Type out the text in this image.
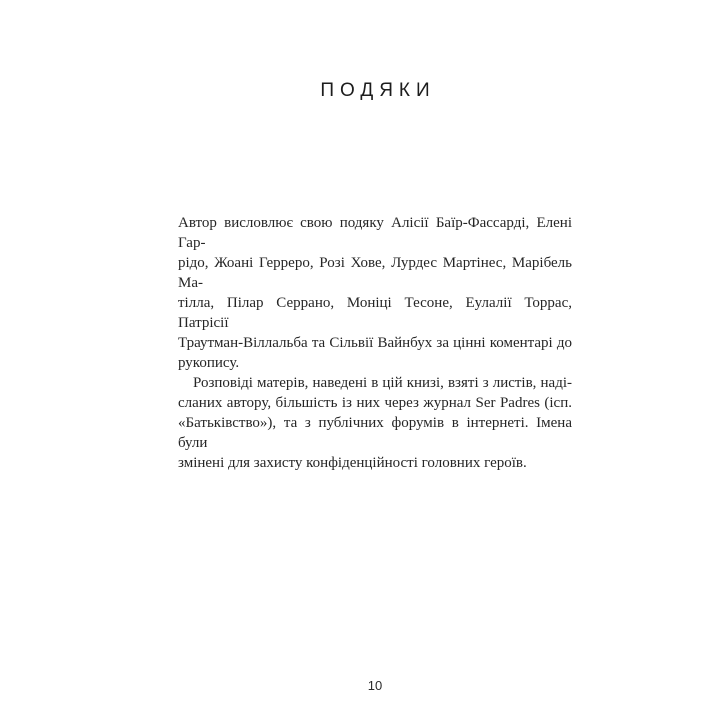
ПОДЯКИ
Автор висловлює свою подяку Алісії Баїр-Фассарді, Елені Гар-
рідо, Жоані Герреро, Розі Хове, Лурдес Мартінес, Марібель Ма-
тілла, Пілар Серрано, Моніці Тесоне, Еулалії Торрас, Патрісії
Траутман-Віллальба та Сільвії Вайнбух за цінні коментарі до
рукопису.
Розповіді матерів, наведені в цій книзі, взяті з листів, наді-
сланих автору, більшість із них через журнал Ser Padres (ісп.
«Батьківство»), та з публічних форумів в інтернеті. Імена були
змінені для захисту конфіденційності головних героїв.
10
